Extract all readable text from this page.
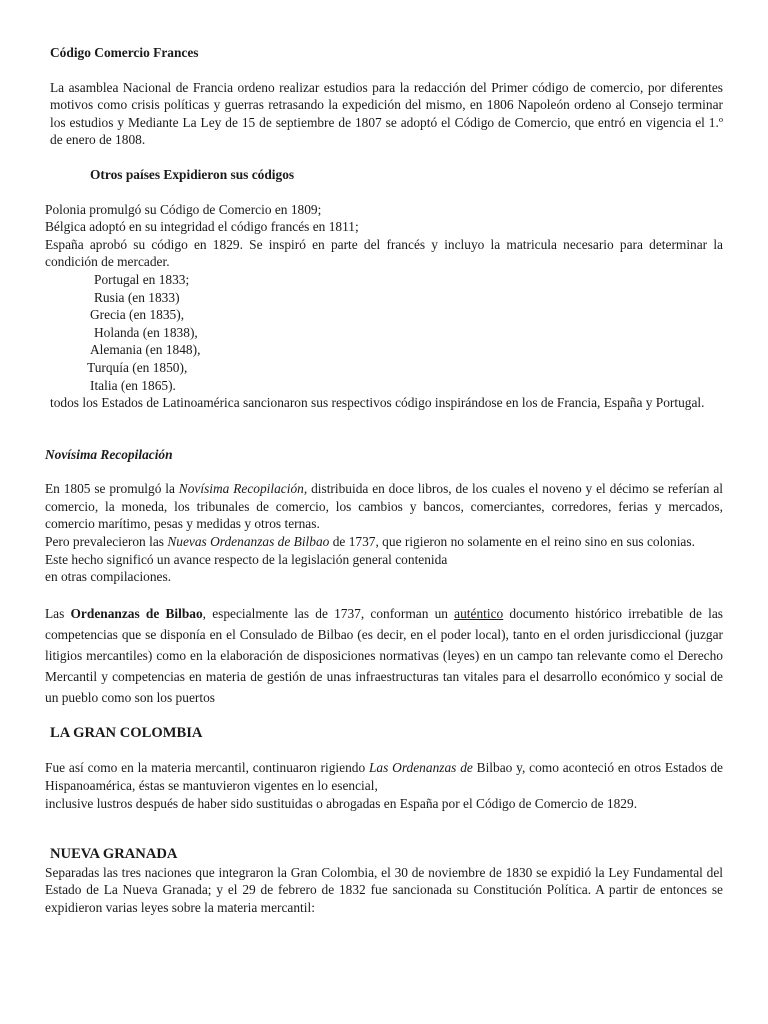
Código Comercio Frances

La asamblea Nacional de Francia ordeno realizar estudios para la redacción del Primer código de comercio, por diferentes motivos como crisis políticas y guerras retrasando la expedición del mismo, en 1806 Napoleón ordeno al Consejo terminar los estudios y Mediante La Ley de 15 de septiembre de 1807 se adoptó el Código de Comercio, que entró en vigencia el 1.º de enero de 1808.

Otros países Expidieron sus códigos

Polonia promulgó su Código de Comercio en 1809;

Bélgica adoptó en su integridad el código francés en 1811;

España aprobó su código en 1829. Se inspiró en parte del francés y incluyo la matricula necesario para determinar la condición de mercader.

Portugal en 1833;
Rusia (en 1833)
Grecia (en 1835),
Holanda (en 1838),
Alemania (en 1848),
Turquía (en 1850),
Italia (en 1865).

todos los Estados de Latinoamérica sancionaron sus respectivos código inspirándose en los de Francia, España y Portugal.

Novísima Recopilación

En 1805 se promulgó la Novísima Recopilación, distribuida en doce libros, de los cuales el noveno y el décimo se referían al comercio, la moneda, los tribunales de comercio, los cambios y bancos, comerciantes, corredores, ferias y mercados, comercio marítimo, pesas y medidas y otros ternas.

Pero prevalecieron las Nuevas Ordenanzas de Bilbao de 1737, que rigieron no solamente en el reino sino en sus colonias.

Este hecho significó un avance respecto de la legislación general contenida

en otras compilaciones.

Las Ordenanzas de Bilbao, especialmente las de 1737, conforman un auténtico documento histórico irrebatible de las competencias que se disponía en el Consulado de Bilbao (es decir, en el poder local), tanto en el orden jurisdiccional (juzgar litigios mercantiles) como en la elaboración de disposiciones normativas (leyes) en un campo tan relevante como el Derecho Mercantil y competencias en materia de gestión de unas infraestructuras tan vitales para el desarrollo económico y social de un pueblo como son los puertos

LA GRAN COLOMBIA

Fue así como en la materia mercantil, continuaron rigiendo Las Ordenanzas de Bilbao y, como aconteció en otros Estados de Hispanoamérica, éstas se mantuvieron vigentes en lo esencial,

inclusive lustros después de haber sido sustituidas o abrogadas en España por el Código de Comercio de 1829.

NUEVA GRANADA

Separadas las tres naciones que integraron la Gran Colombia, el 30 de noviembre de 1830 se expidió la Ley Fundamental del Estado de La Nueva Granada; y el 29 de febrero de 1832 fue sancionada su Constitución Política. A partir de entonces se expidieron varias leyes sobre la materia mercantil:
